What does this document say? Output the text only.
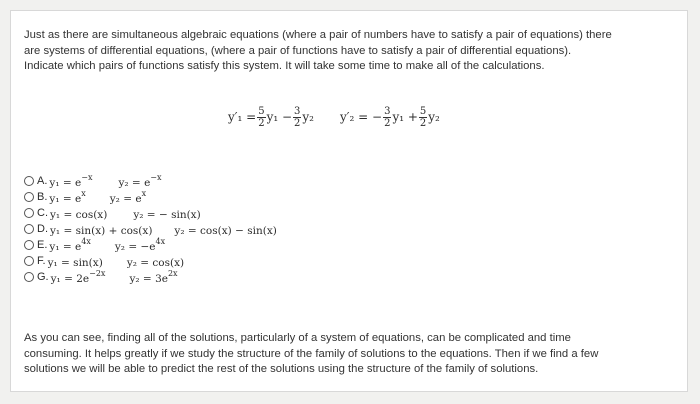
Just as there are simultaneous algebraic equations (where a pair of numbers have to satisfy a pair of equations) there
are systems of differential equations, (where a pair of functions have to satisfy a pair of differential equations).
Indicate which pairs of functions satisfy this system. It will take some time to make all of the calculations.
$y'_1 = \frac{5}{2} y_1 - \frac{3}{2} y_2$ y′₂ = − $\frac{3}{2} y_1 + \frac{5}{2} y_2$
A. $y_1 = e^{-x}$ $y_2 = e^{-x}$
B. $y_1 = e^x$ $y_2 = e^x$
C. y₁ = cos(x) y₂ = − sin(x)
D. y₁ = sin(x) + cos(x) y₂ = cos(x) − sin(x)
E. $y_1 = e^{4x}$ $y_2 = -e^{4x}$
F. y₁ = sin(x) y₂ = cos(x)
G. $y_1 = 2e^{-2x}$ $y_2 = 3e^{2x}$
As you can see, finding all of the solutions, particularly of a system of equations, can be complicated and time
consuming. It helps greatly if we study the structure of the family of solutions to the equations. Then if we find a few
solutions we will be able to predict the rest of the solutions using the structure of the family of solutions.
